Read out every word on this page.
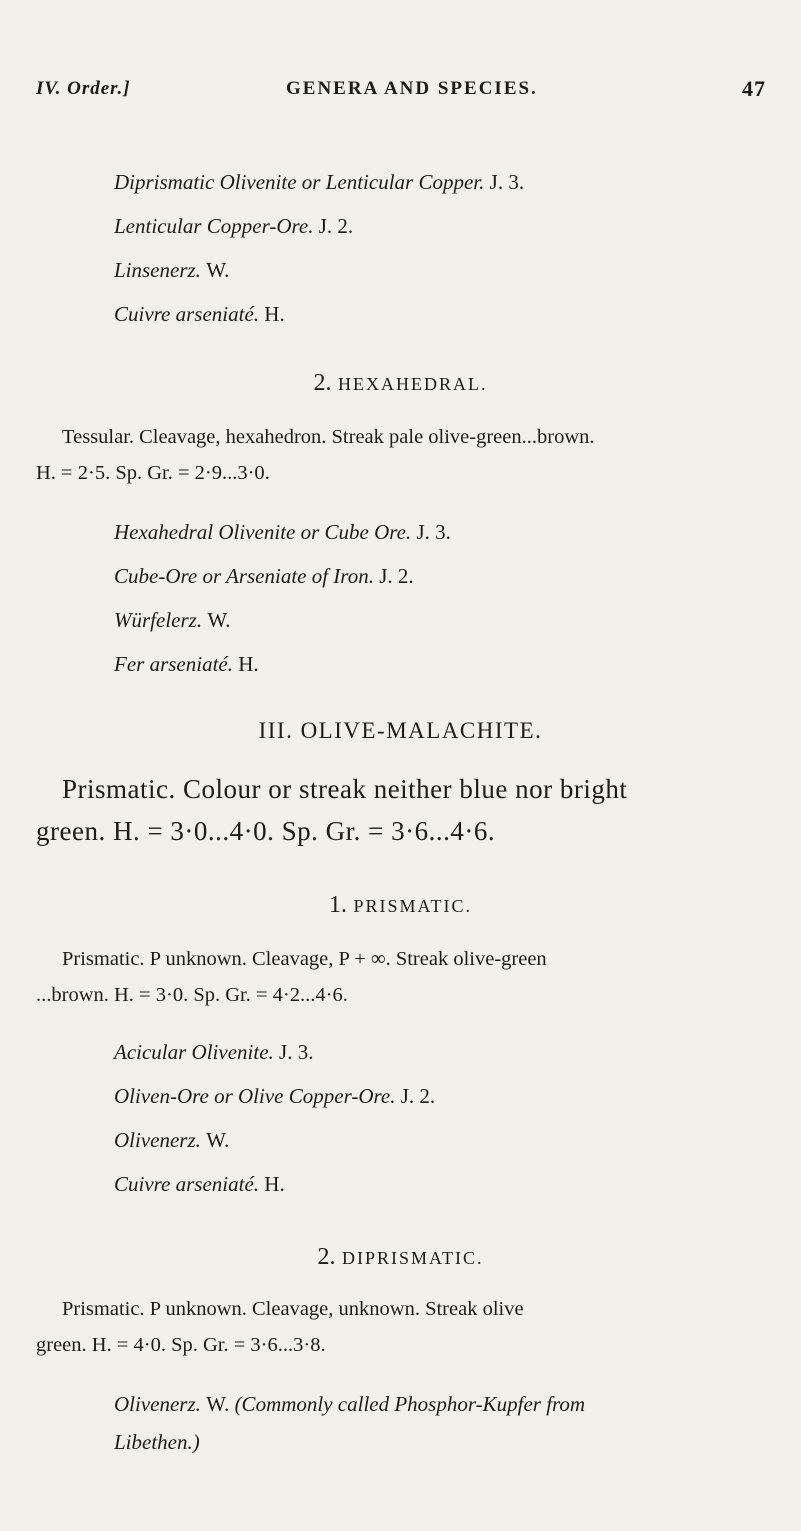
IV. Order.]	GENERA AND SPECIES.	47
Diprismatic Olivenite or Lenticular Copper. J. 3.
Lenticular Copper-Ore. J. 2.
Linsenerz. W.
Cuivre arseniaté. H.
2. HEXAHEDRAL.
Tessular. Cleavage, hexahedron. Streak pale olive-green...brown.
H. = 2·5. Sp. Gr. = 2·9...3·0.
Hexahedral Olivenite or Cube Ore. J. 3.
Cube-Ore or Arseniate of Iron. J. 2.
Würfelerz. W.
Fer arseniaté. H.
III. OLIVE-MALACHITE.
Prismatic. Colour or streak neither blue nor bright
green. H. = 3·0...4·0. Sp. Gr. = 3·6...4·6.
1. PRISMATIC.
Prismatic. P unknown. Cleavage, P + ∞. Streak olive-green
...brown. H. = 3·0. Sp. Gr. = 4·2...4·6.
Acicular Olivenite. J. 3.
Oliven-Ore or Olive Copper-Ore. J. 2.
Olivenerz. W.
Cuivre arseniaté. H.
2. DIPRISMATIC.
Prismatic. P unknown. Cleavage, unknown. Streak olive
green. H. = 4·0. Sp. Gr. = 3·6...3·8.
Olivenerz. W. (Commonly called Phosphor-Kupfer from
Libethen.)
